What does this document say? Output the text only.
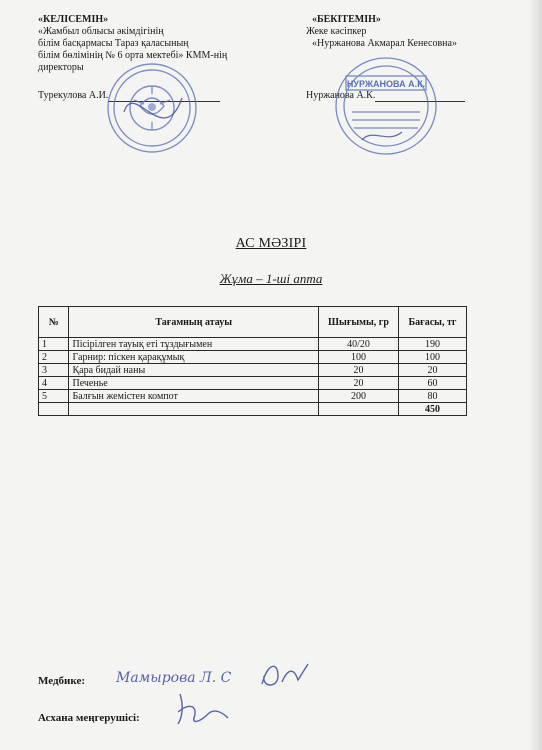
«КЕЛІСЕМІН»
«Жамбыл облысы әкімдігінің
білім басқармасы Тараз қаласының
білім бөлімінің № 6 орта мектебі» КММ-нің
директоры
Турекулова А.И.
«БЕКІТЕМІН»
Жеке кәсіпкер
«Нуржанова Акмарал Кенесовна»
Нуржанова А.К.
НУРЖАНОВА А.К.
АС МӘЗІРІ
Жұма – 1-ші апта
№	Тағамның атауы	Шығымы, гр	Бағасы, тг
1	Пісірілген тауық еті тұздығымен	40/20	190
2	Гарнир: піскен қарақұмық	100	100
3	Қара бидай наны	20	20
4	Печенье	20	60
5	Балғын жемістен компот	200	80
			450
Медбике: Мамырова Л. С
Асхана меңгерушісі:
